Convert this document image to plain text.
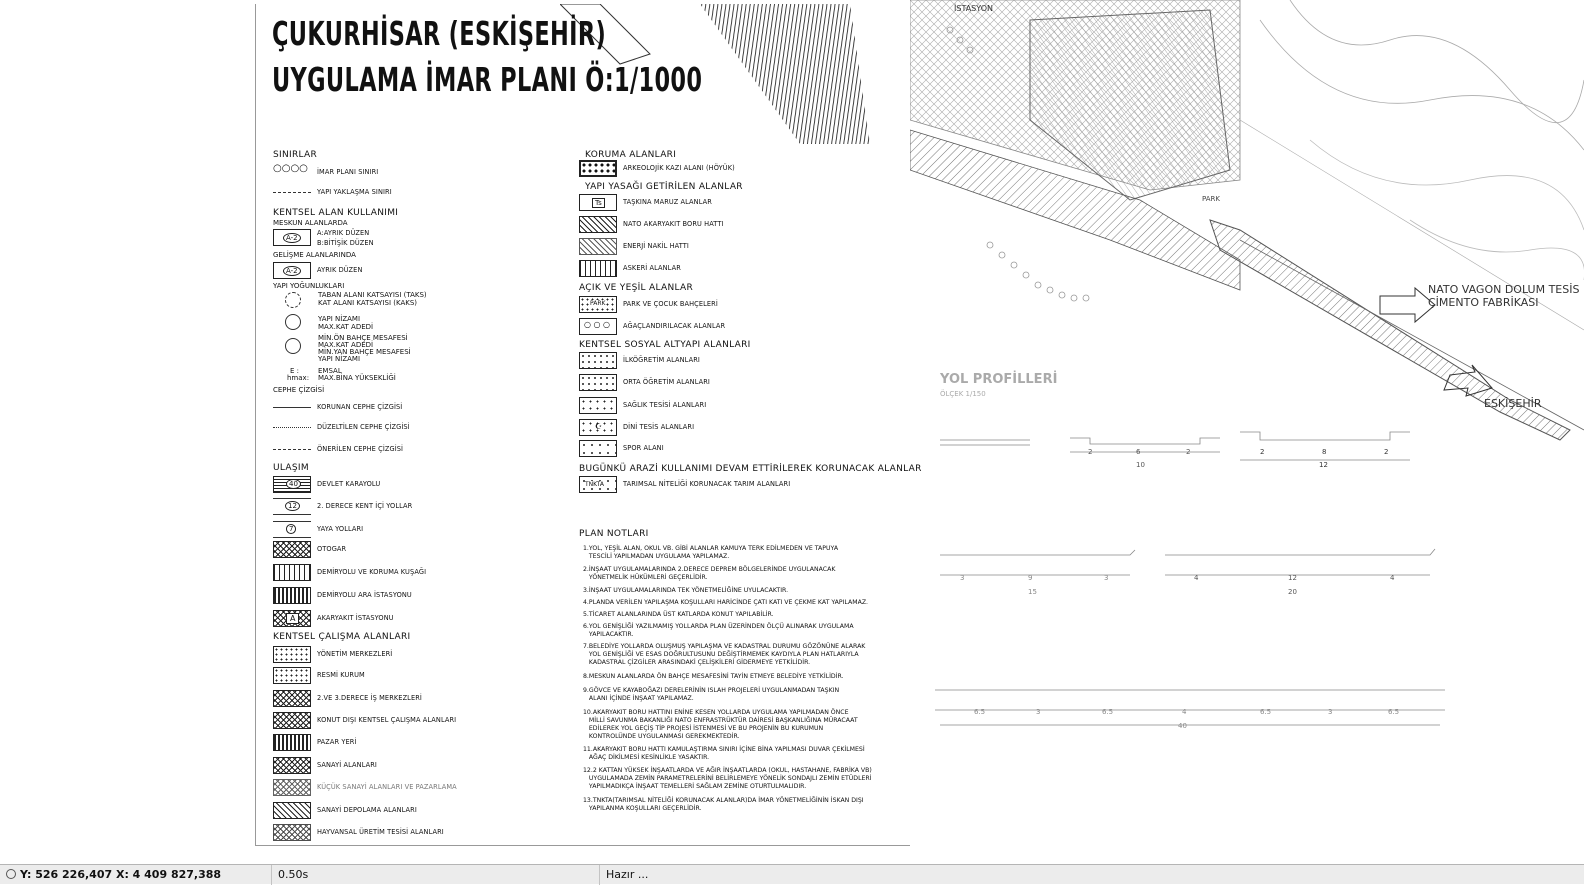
İSTASYON
PARK
NATO VAGON DOLUM TESİS
ÇİMENTO FABRİKASI
ESKİŞEHİR
YOL PROFİLLERİ
ÖLÇEK 1/150
2	6	2
10
2	8	2
12
3	9	3
15
4	12	4
20
6.5	3	6.5	4	6.5	3	6.5
40
ÇUKURHİSAR (ESKİŞEHİR)
UYGULAMA İMAR PLANI Ö:1/1000
SINIRLAR
○○○○	İMAR PLANI SINIRI
YAPI YAKLAŞMA SINIRI
KENTSEL ALAN KULLANIMI
MESKUN ALANLARDA
A-2
A:AYRIK DÜZEN
B:BİTİŞİK DÜZEN
GELİŞME ALANLARINDA
A-2	AYRIK DÜZEN
YAPI YOĞUNLUKLARI
TABAN ALANI KATSAYISI (TAKS)
KAT ALANI KATSAYISI (KAKS)
YAPI NİZAMI
MAX.KAT ADEDİ
MİN.ÖN BAHÇE MESAFESİ
MAX.KAT ADEDİ
MİN.YAN BAHÇE MESAFESİ
YAPI NİZAMI
E :	EMSAL
hmax: MAX.BİNA YÜKSEKLİĞİ
CEPHE ÇİZGİSİ
KORUNAN CEPHE ÇİZGİSİ
DÜZELTİLEN CEPHE ÇİZGİSİ
ÖNERİLEN CEPHE ÇİZGİSİ
ULAŞIM
40	DEVLET KARAYOLU
12	2. DERECE KENT İÇİ YOLLAR
7	YAYA YOLLARI
OTOGAR
DEMİRYOLU VE KORUMA KUŞAĞI
DEMİRYOLU ARA İSTASYONU
A	AKARYAKIT İSTASYONU
KENTSEL ÇALIŞMA ALANLARI
YÖNETİM MERKEZLERİ
RESMİ KURUM
2.VE 3.DERECE İŞ MERKEZLERİ
KONUT DIŞI KENTSEL ÇALIŞMA ALANLARI
PAZAR YERİ
SANAYİ ALANLARI
KÜÇÜK SANAYİ ALANLARI VE PAZARLAMA
SANAYİ DEPOLAMA ALANLARI
HAYVANSAL ÜRETİM TESİSİ ALANLARI
KORUMA ALANLARI
ARKEOLOJİK KAZI ALANI (HÖYÜK)
YAPI YASAĞI GETİRİLEN ALANLAR
Ts	TAŞKINA MARUZ ALANLAR
NATO AKARYAKIT BORU HATTI
ENERJİ NAKİL HATTI
ASKERİ ALANLAR
AÇIK VE YEŞİL ALANLAR
PARK	PARK VE ÇOCUK BAHÇELERİ
○ ○ ○ AĞAÇLANDIRILACAK ALANLAR
KENTSEL SOSYAL ALTYAPI ALANLARI
İLKÖĞRETİM ALANLARI
ORTA ÖĞRETİM ALANLARI
SAĞLIK TESİSİ ALANLARI
☪	DİNİ TESİS ALANLARI
SPOR ALANI
BUGÜNKÜ ARAZİ KULLANIMI DEVAM ETTİRİLEREK KORUNACAK ALANLAR
TNKTA	TARIMSAL NİTELİĞİ KORUNACAK TARIM ALANLARI
PLAN NOTLARI
1.YOL, YEŞİL ALAN, OKUL VB. GİBİ ALANLAR KAMUYA TERK EDİLMEDEN VE TAPUYA
TESCİLİ YAPILMADAN UYGULAMA YAPILAMAZ.
2.İNŞAAT UYGULAMALARINDA 2.DERECE DEPREM BÖLGELERİNDE UYGULANACAK
YÖNETMELİK HÜKÜMLERİ GEÇERLİDİR.
3.İNŞAAT UYGULAMALARINDA TEK YÖNETMELİĞİNE UYULACAKTIR.
4.PLANDA VERİLEN YAPILAŞMA KOŞULLARI HARİCİNDE ÇATI KATI VE ÇEKME KAT YAPILAMAZ.
5.TİCARET ALANLARINDA ÜST KATLARDA KONUT YAPILABİLİR.
6.YOL GENİŞLİĞİ YAZILMAMIŞ YOLLARDA PLAN ÜZERİNDEN ÖLÇÜ ALINARAK UYGULAMA
YAPILACAKTIR.
7.BELEDİYE YOLLARDA OLUŞMUŞ YAPILAŞMA VE KADASTRAL DURUMU GÖZÖNÜNE ALARAK
YOL GENİŞLİĞİ VE ESAS DOĞRULTUSUNU DEĞİŞTİRMEMEK KAYDIYLA PLAN HATLARIYLA
KADASTRAL ÇİZGİLER ARASINDAKİ ÇELİŞKİLERİ GİDERMEYE YETKİLİDİR.
8.MESKUN ALANLARDA ÖN BAHÇE MESAFESİNİ TAYİN ETMEYE BELEDİYE YETKİLİDİR.
9.GÖVCE VE KAYABOĞAZI DERELERİNİN ISLAH PROJELERİ UYGULANMADAN TAŞKIN
ALANI İÇİNDE İNŞAAT YAPILAMAZ.
10.AKARYAKIT BORU HATTINI ENİNE KESEN YOLLARDA UYGULAMA YAPILMADAN ÖNCE
MİLLİ SAVUNMA BAKANLIĞI NATO ENFRASTRÜKTÜR DAİRESİ BAŞKANLIĞINA MÜRACAAT
EDİLEREK YOL GEÇİŞ TİP PROJESİ İSTENMESİ VE BU PROJENİN BU KURUMUN
KONTROLÜNDE UYGULANMASI GEREKMEKTEDİR.
11.AKARYAKIT BORU HATTI KAMULAŞTIRMA SINIRI İÇİNE BİNA YAPILMASI DUVAR ÇEKİLMESİ
AĞAÇ DİKİLMESİ KESİNLİKLE YASAKTIR.
12.2 KATTAN YÜKSEK İNŞAATLARDA VE AĞIR İNŞAATLARDA (OKUL, HASTAHANE, FABRİKA VB)
UYGULAMADA ZEMİN PARAMETRELERİNİ BELİRLEMEYE YÖNELİK SONDAJLI ZEMİN ETÜDLERİ
YAPILMADIKÇA İNŞAAT TEMELLERİ SAĞLAM ZEMİNE OTURTULMALIDIR.
13.TNKTA(TARIMSAL NİTELİĞİ KORUNACAK ALANLAR)DA İMAR YÖNETMELİĞİNİN İSKAN DIŞI
YAPILANMA KOŞULLARI GEÇERLİDİR.
Y: 526 226,407 X: 4 409 827,388	0.50s	Hazır ...
